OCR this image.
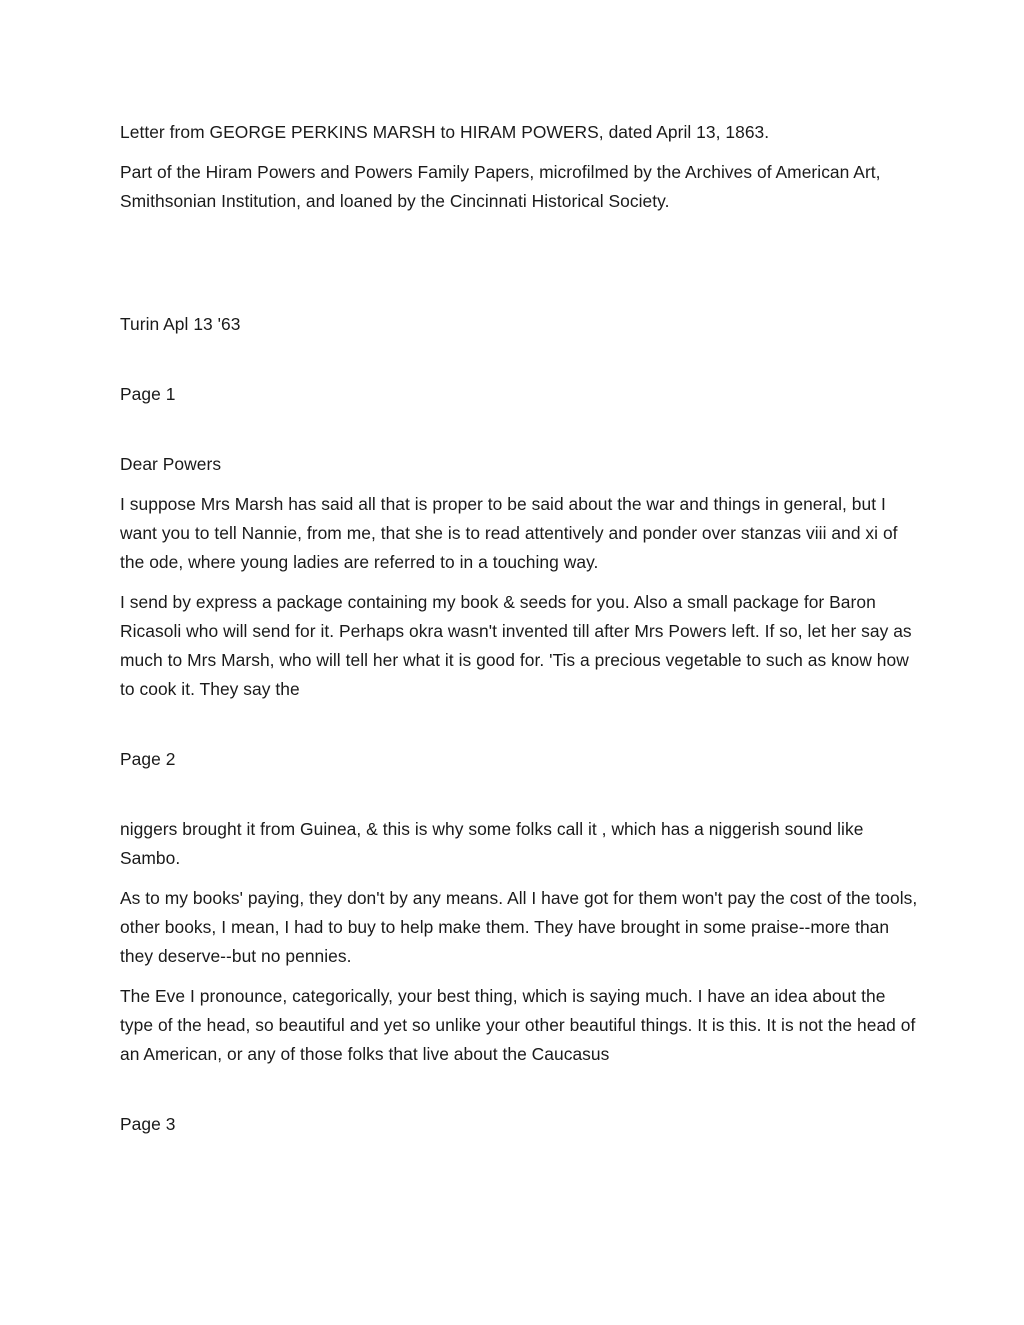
Letter from GEORGE PERKINS MARSH to HIRAM POWERS, dated April 13, 1863.

Part of the Hiram Powers and Powers Family Papers, microfilmed by the Archives of American Art, Smithsonian Institution, and loaned by the Cincinnati Historical Society.

Turin Apl 13 '63

Page 1

Dear Powers

I suppose Mrs Marsh has said all that is proper to be said about the war and things in general, but I want you to tell Nannie, from me, that she is to read attentively and ponder over stanzas viii and xi of the ode, where young ladies are referred to in a touching way.

I send by express a package containing my book & seeds for you. Also a small package for Baron Ricasoli who will send for it. Perhaps okra wasn't invented till after Mrs Powers left. If so, let her say as much to Mrs Marsh, who will tell her what it is good for. 'Tis a precious vegetable to such as know how to cook it. They say the

Page 2

niggers brought it from Guinea, & this is why some folks call it , which has a niggerish sound like Sambo.

As to my books' paying, they don't by any means. All I have got for them won't pay the cost of the tools, other books, I mean, I had to buy to help make them. They have brought in some praise--more than they deserve--but no pennies.

The Eve I pronounce, categorically, your best thing, which is saying much. I have an idea about the type of the head, so beautiful and yet so unlike your other beautiful things. It is this. It is not the head of an American, or any of those folks that live about the Caucasus

Page 3
